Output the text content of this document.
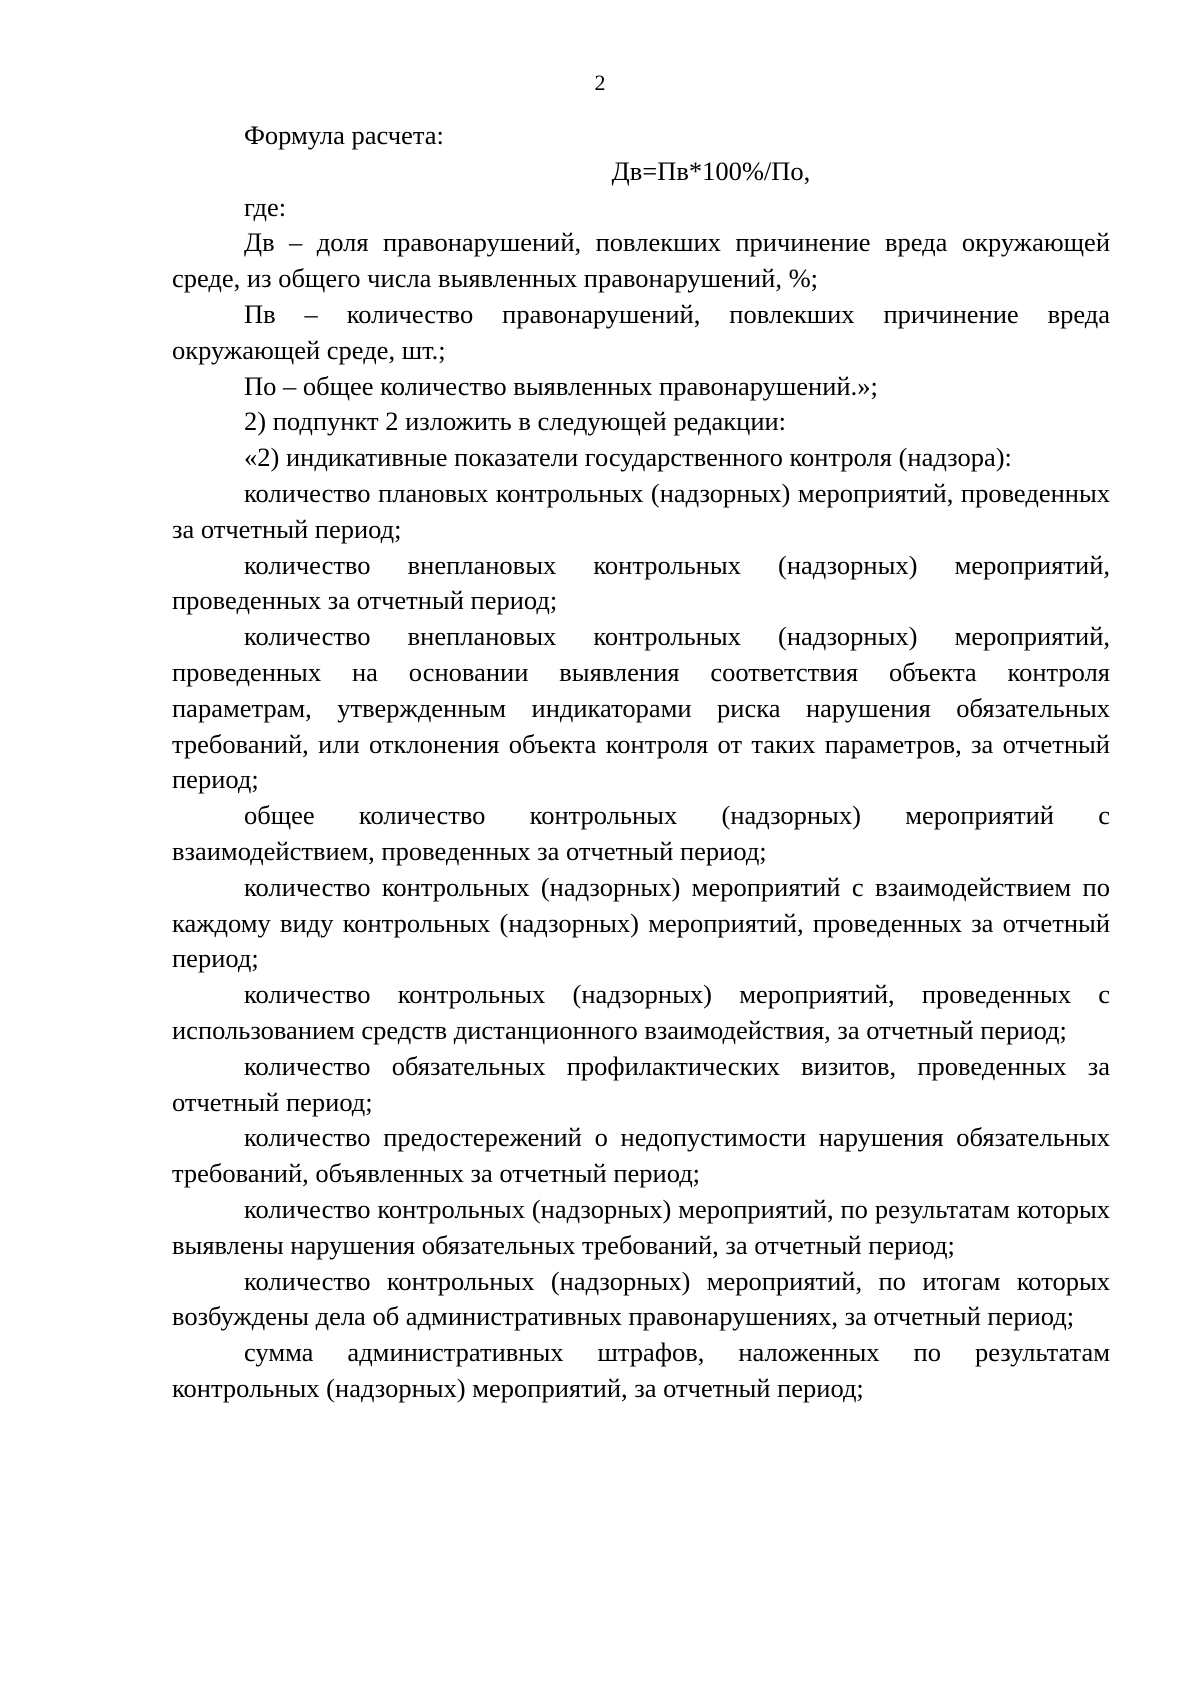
2

Формула расчета:

Дв=Пв*100%/По,

где:

Дв – доля правонарушений, повлекших причинение вреда окружающей среде, из общего числа выявленных правонарушений, %;

Пв – количество правонарушений, повлекших причинение вреда окружающей среде, шт.;

По – общее количество выявленных правонарушений.»;

2) подпункт 2 изложить в следующей редакции:

«2) индикативные показатели государственного контроля (надзора):

количество плановых контрольных (надзорных) мероприятий, проведенных за отчетный период;

количество внеплановых контрольных (надзорных) мероприятий, проведенных за отчетный период;

количество внеплановых контрольных (надзорных) мероприятий, проведенных на основании выявления соответствия объекта контроля параметрам, утвержденным индикаторами риска нарушения обязательных требований, или отклонения объекта контроля от таких параметров, за отчетный период;

общее количество контрольных (надзорных) мероприятий с взаимодействием, проведенных за отчетный период;

количество контрольных (надзорных) мероприятий с взаимодействием по каждому виду контрольных (надзорных) мероприятий, проведенных за отчетный период;

количество контрольных (надзорных) мероприятий, проведенных с использованием средств дистанционного взаимодействия, за отчетный период;

количество обязательных профилактических визитов, проведенных за отчетный период;

количество предостережений о недопустимости нарушения обязательных требований, объявленных за отчетный период;

количество контрольных (надзорных) мероприятий, по результатам которых выявлены нарушения обязательных требований, за отчетный период;

количество контрольных (надзорных) мероприятий, по итогам которых возбуждены дела об административных правонарушениях, за отчетный период;

сумма административных штрафов, наложенных по результатам контрольных (надзорных) мероприятий, за отчетный период;
